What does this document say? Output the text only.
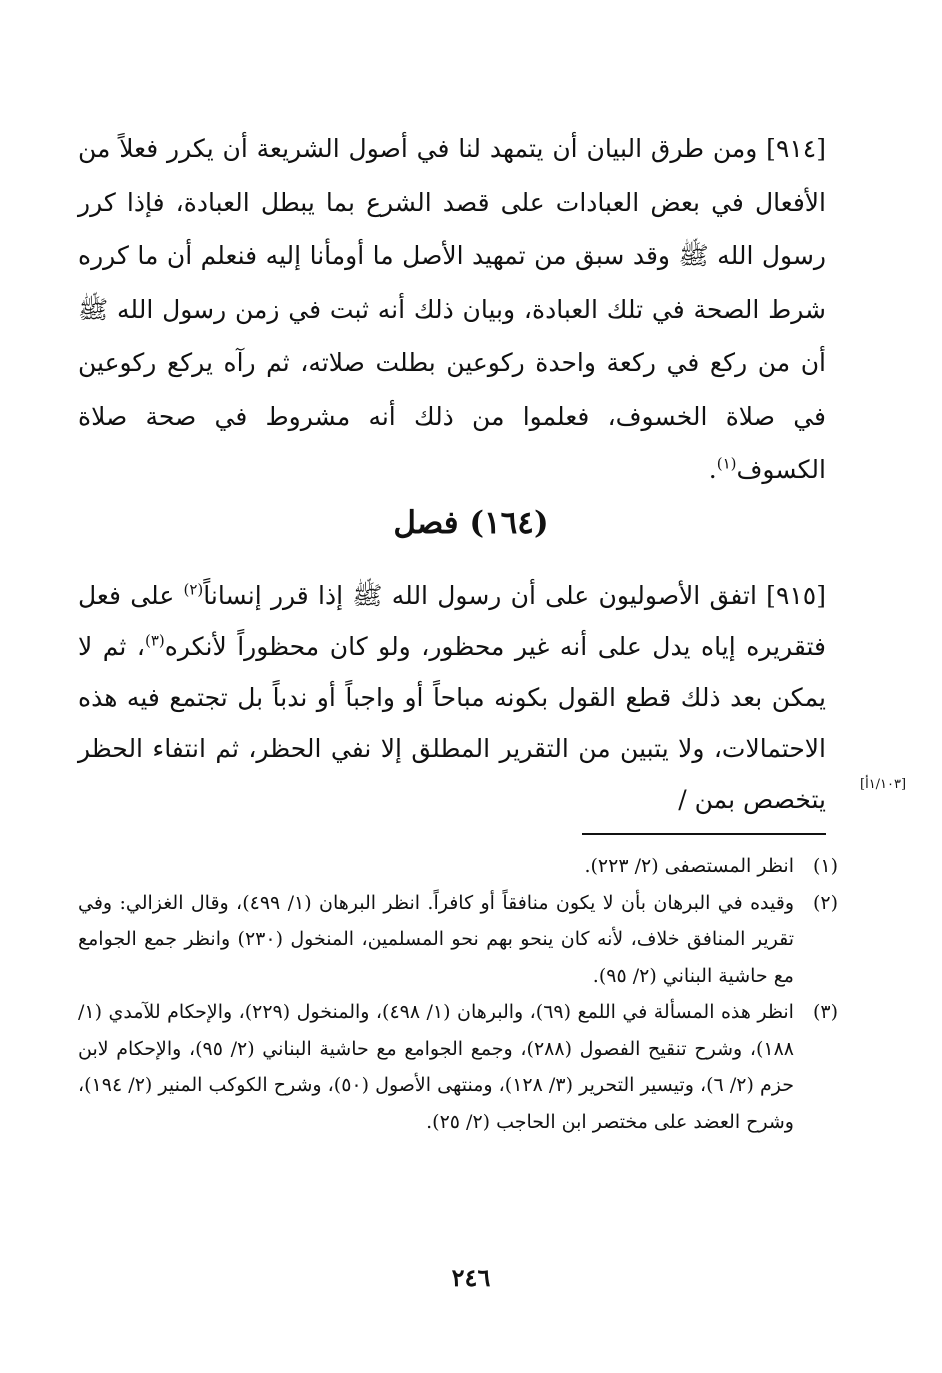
[٩١٤] ومن طرق البيان أن يتمهد لنا في أصول الشريعة أن يكرر فعلاً من الأفعال في بعض العبادات على قصد الشرع بما يبطل العبادة، فإذا كرر رسول الله ﷺ وقد سبق من تمهيد الأصل ما أومأنا إليه فنعلم أن ما كرره شرط الصحة في تلك العبادة، وبيان ذلك أنه ثبت في زمن رسول الله ﷺ أن من ركع في ركعة واحدة ركوعين بطلت صلاته، ثم رآه يركع ركوعين في صلاة الخسوف، فعلموا من ذلك أنه مشروط في صحة صلاة الكسوف$^{(١)}$.

(١٦٤) فصل

[٩١٥] اتفق الأصوليون على أن رسول الله ﷺ إذا قرر إنساناً$^{(٢)}$ على فعل فتقريره إياه يدل على أنه غير محظور، ولو كان محظوراً لأنكره$^{(٣)}$، ثم لا يمكن بعد ذلك قطع القول بكونه مباحاً أو واجباً أو ندباً بل تجتمع فيه هذه الاحتمالات، ولا يتبين من التقرير المطلق إلا نفي الحظر، ثم انتفاء الحظر يتخصص بمن /

[١/١٠٣أ]
(١)
انظر المستصفى (٢/ ٢٢٣).
(٢)
وقيده في البرهان بأن لا يكون منافقاً أو كافراً. انظر البرهان (١/ ٤٩٩)، وقال الغزالي: وفي تقرير المنافق خلاف، لأنه كان ينحو بهم نحو المسلمين، المنخول (٢٣٠) وانظر جمع الجوامع مع حاشية البناني (٢/ ٩٥).
(٣)
انظر هذه المسألة في اللمع (٦٩)، والبرهان (١/ ٤٩٨)، والمنخول (٢٢٩)، والإحكام للآمدي (١/ ١٨٨)، وشرح تنقيح الفصول (٢٨٨)، وجمع الجوامع مع حاشية البناني (٢/ ٩٥)، والإحكام لابن حزم (٢/ ٦)، وتيسير التحرير (٣/ ١٢٨)، ومنتهى الأصول (٥٠)، وشرح الكوكب المنير (٢/ ١٩٤)، وشرح العضد على مختصر ابن الحاجب (٢/ ٢٥).
٢٤٦
